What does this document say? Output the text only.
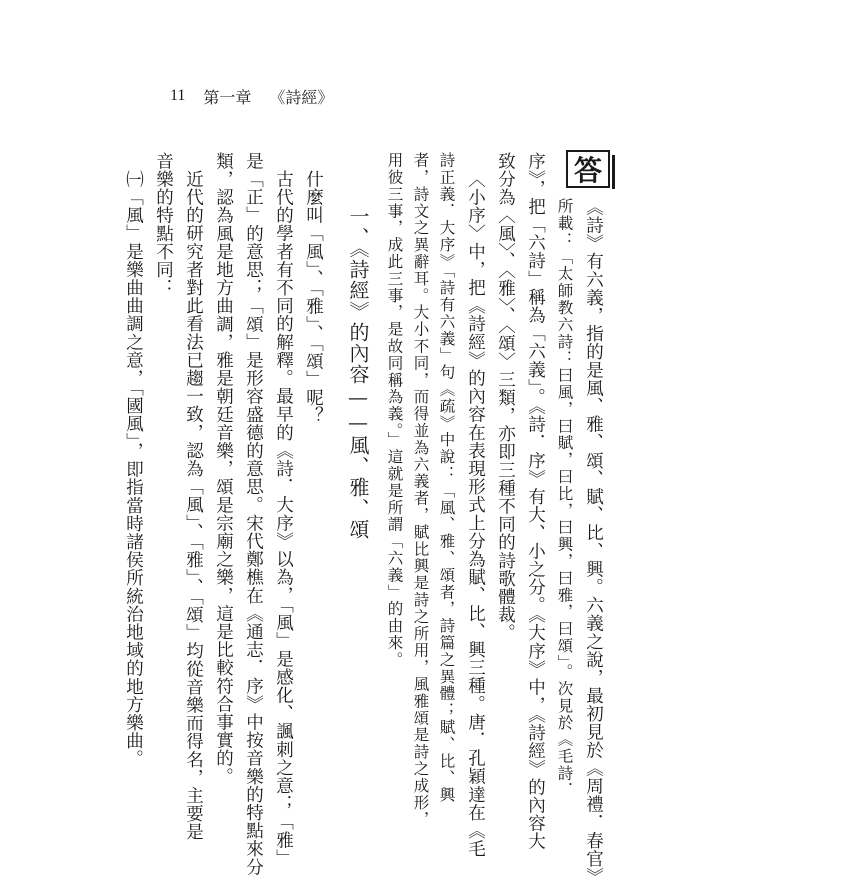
11 第一章 《詩經》
答
《詩》有六義，指的是風、雅、頌、賦、比、興。六義之說，最初見於《周禮．春官》
所載：「太師教六詩：曰風，曰賦，曰比，曰興，曰雅，曰頌」。次見於《毛詩．
序》，把「六詩」稱為「六義」。《詩．序》有大、小之分。《大序》中，《詩經》的內容大
致分為〈風〉、〈雅〉、〈頌〉三類，亦即三種不同的詩歌體裁。
〈小序〉中，把《詩經》的內容在表現形式上分為賦、比、興三種。唐．孔穎達在《毛
詩正義．大序》「詩有六義」句《疏》中說：「風、雅、頌者，詩篇之異體；賦、比、興
者，詩文之異辭耳。大小不同，而得並為六義者，賦比興是詩之所用，風雅頌是詩之成形，
用彼三事，成此三事，是故同稱為義。」這就是所謂「六義」的由來。
一、《詩經》的內容——風、雅、頌
什麼叫「風」、「雅」、「頌」呢？
古代的學者有不同的解釋。最早的《詩．大序》以為，「風」是感化、諷刺之意；「雅」
是「正」的意思；「頌」是形容盛德的意思。宋代鄭樵在《通志．序》中按音樂的特點來分
類，認為風是地方曲調，雅是朝廷音樂，頌是宗廟之樂，這是比較符合事實的。
近代的研究者對此看法已趨一致，認為「風」、「雅」、「頌」均從音樂而得名，主要是
音樂的特點不同：
㈠「風」是樂曲曲調之意，「國風」，即指當時諸侯所統治地域的地方樂曲。
